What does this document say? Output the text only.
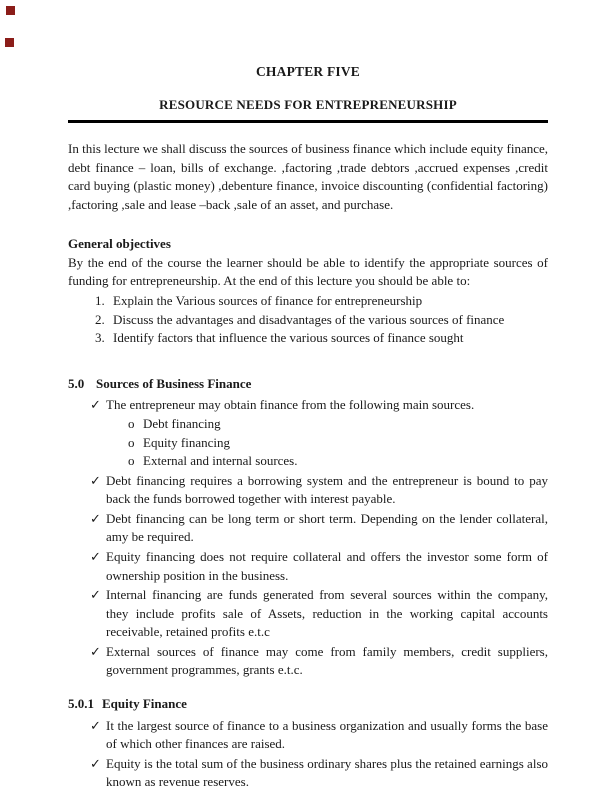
CHAPTER FIVE
RESOURCE NEEDS FOR ENTREPRENEURSHIP

In this lecture we shall discuss the sources of business finance which include equity finance, debt finance – loan, bills of exchange. ,factoring ,trade debtors ,accrued expenses ,credit card buying (plastic money) ,debenture finance, invoice discounting (confidential factoring) ,factoring ,sale and lease –back ,sale of an asset, and purchase.

General objectives

By the end of the course the learner should be able to identify the appropriate sources of funding for entrepreneurship. At the end of this lecture you should be able to:

1. Explain the Various sources of finance for entrepreneurship
2. Discuss the advantages and disadvantages of the various sources of finance
3. Identify factors that influence the various sources of finance sought
5.0 Sources of Business Finance
✓ The entrepreneur may obtain finance from the following main sources.
o Debt financing
o Equity financing
o External and internal sources.
✓ Debt financing requires a borrowing system and the entrepreneur is bound to pay back the funds borrowed together with interest payable.
✓ Debt financing can be long term or short term. Depending on the lender collateral, amy be required.
✓ Equity financing does not require collateral and offers the investor some form of ownership position in the business.
✓ Internal financing are funds generated from several sources within the company, they include profits sale of Assets, reduction in the working capital accounts receivable, retained profits e.t.c
✓ External sources of finance may come from family members, credit suppliers, government programmes, grants e.t.c.
5.0.1 Equity Finance
✓ It the largest source of finance to a business organization and usually forms the base of which other finances are raised.
✓ Equity is the total sum of the business ordinary shares plus the retained earnings also known as revenue reserves.
